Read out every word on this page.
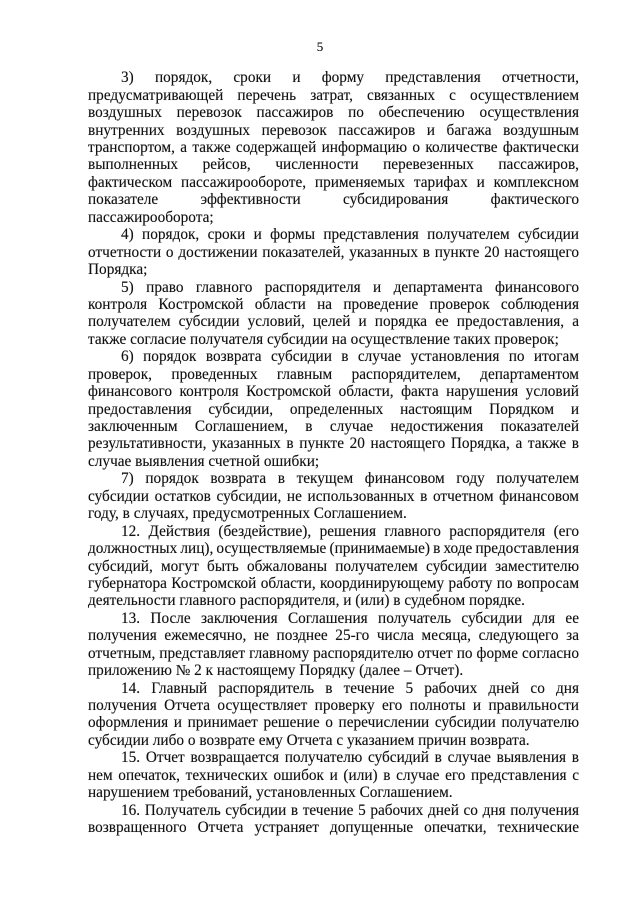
5
3) порядок, сроки и форму представления отчетности,
предусматривающей перечень затрат, связанных с осуществлением
воздушных перевозок пассажиров по обеспечению осуществления
внутренних воздушных перевозок пассажиров и багажа воздушным
транспортом, а также содержащей информацию о количестве фактически
выполненных рейсов, численности перевезенных пассажиров,
фактическом пассажирообороте, применяемых тарифах и комплексном
показателе эффективности субсидирования фактического
пассажирооборота;
4) порядок, сроки и формы представления получателем субсидии
отчетности о достижении показателей, указанных в пункте 20 настоящего
Порядка;
5) право главного распорядителя и департамента финансового
контроля Костромской области на проведение проверок соблюдения
получателем субсидии условий, целей и порядка ее предоставления, а
также согласие получателя субсидии на осуществление таких проверок;
6) порядок возврата субсидии в случае установления по итогам
проверок, проведенных главным распорядителем, департаментом
финансового контроля Костромской области, факта нарушения условий
предоставления субсидии, определенных настоящим Порядком и
заключенным Соглашением, в случае недостижения показателей
результативности, указанных в пункте 20 настоящего Порядка, а также в
случае выявления счетной ошибки;
7) порядок возврата в текущем финансовом году получателем
субсидии остатков субсидии, не использованных в отчетном финансовом
году, в случаях, предусмотренных Соглашением.
12. Действия (бездействие), решения главного распорядителя (его
должностных лиц), осуществляемые (принимаемые) в ходе предоставления
субсидий, могут быть обжалованы получателем субсидии заместителю
губернатора Костромской области, координирующему работу по вопросам
деятельности главного распорядителя, и (или) в судебном порядке.
13. После заключения Соглашения получатель субсидии для ее
получения ежемесячно, не позднее 25-го числа месяца, следующего за
отчетным, представляет главному распорядителю отчет по форме согласно
приложению № 2 к настоящему Порядку (далее – Отчет).
14. Главный распорядитель в течение 5 рабочих дней со дня
получения Отчета осуществляет проверку его полноты и правильности
оформления и принимает решение о перечислении субсидии получателю
субсидии либо о возврате ему Отчета с указанием причин возврата.
15. Отчет возвращается получателю субсидий в случае выявления в
нем опечаток, технических ошибок и (или) в случае его представления с
нарушением требований, установленных Соглашением.
16. Получатель субсидии в течение 5 рабочих дней со дня получения
возвращенного Отчета устраняет допущенные опечатки, технические
